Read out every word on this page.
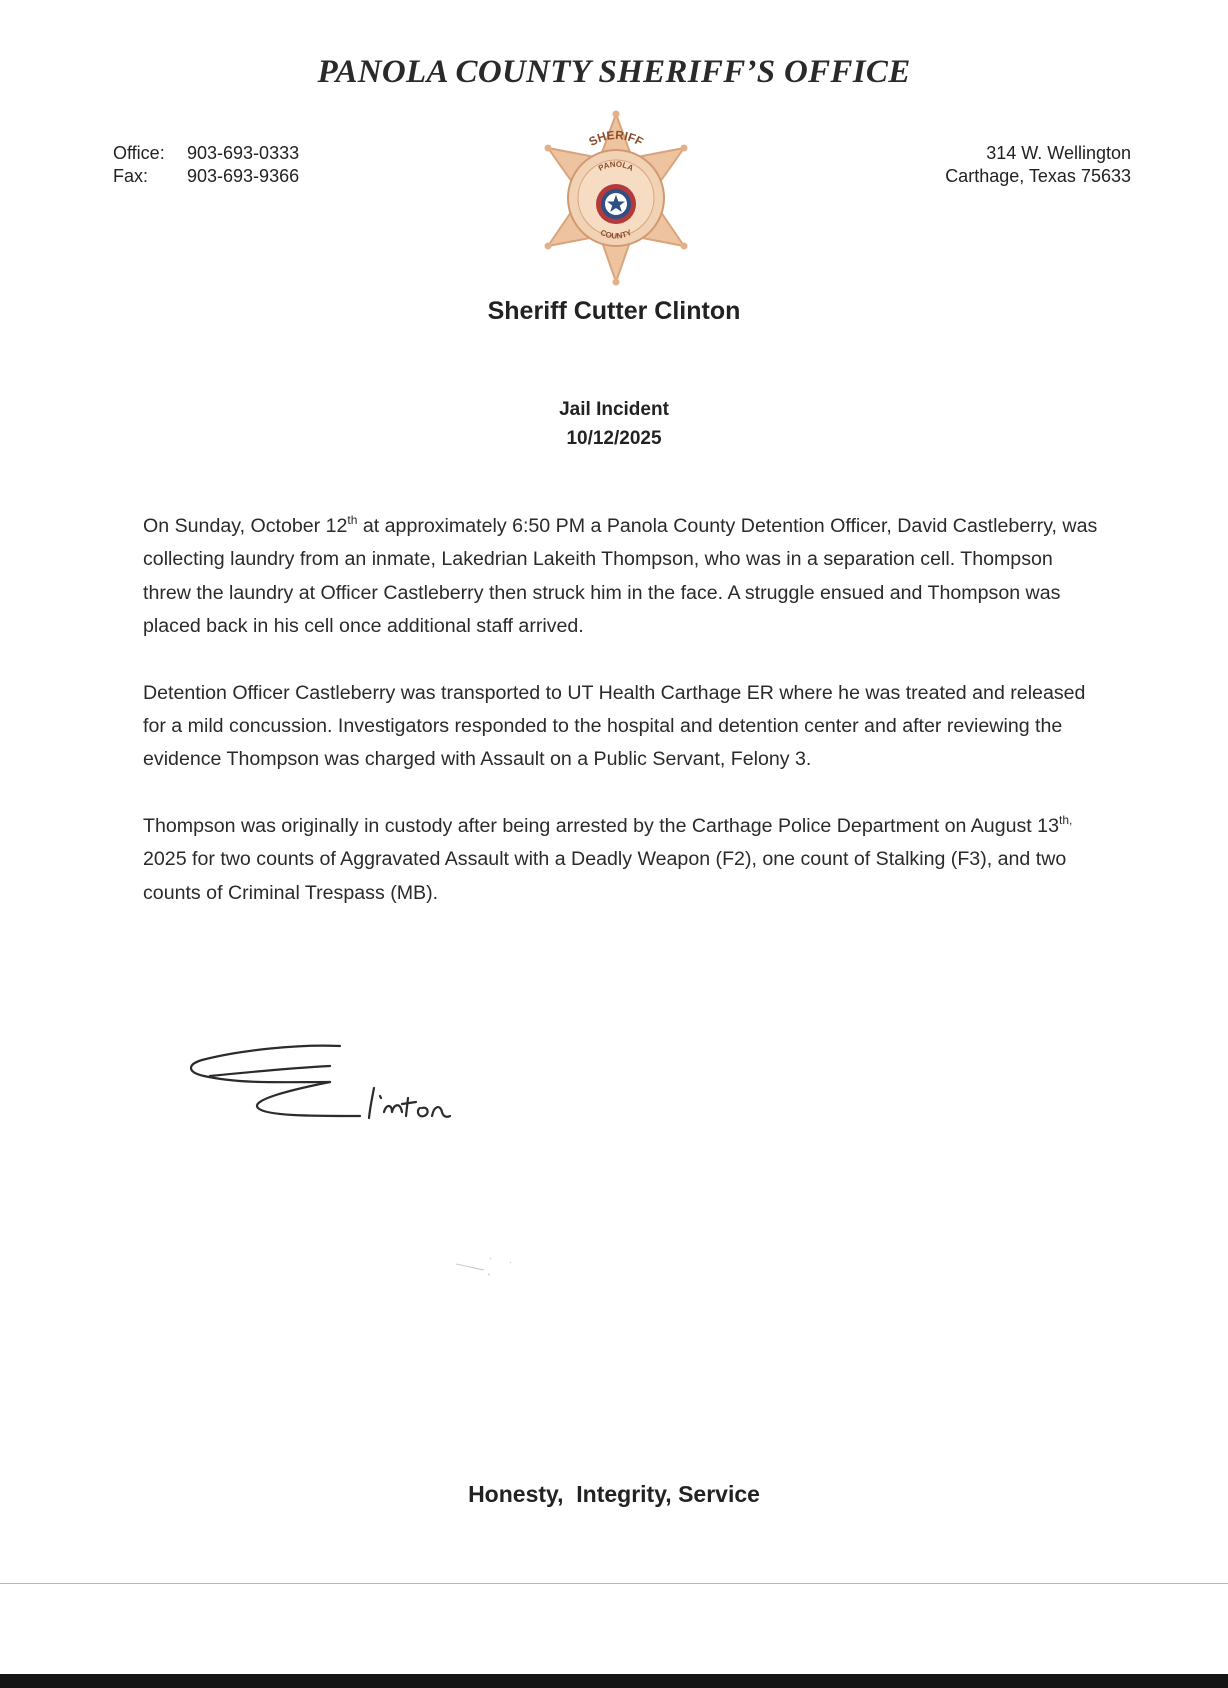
PANOLA COUNTY SHERIFF’S OFFICE
Office:	903-693-0333
Fax:	903-693-9366
314 W. Wellington
Carthage, Texas 75633
SHERIFF
PANOLA
COUNTY
Sheriff Cutter Clinton
Jail Incident
10/12/2025

On Sunday, October 12th at approximately 6:50 PM a Panola County Detention Officer, David Castleberry, was collecting laundry from an inmate, Lakedrian Lakeith Thompson, who was in a separation cell. Thompson threw the laundry at Officer Castleberry then struck him in the face. A struggle ensued and Thompson was placed back in his cell once additional staff arrived.

Detention Officer Castleberry was transported to UT Health Carthage ER where he was treated and released for a mild concussion. Investigators responded to the hospital and detention center and after reviewing the evidence Thompson was charged with Assault on a Public Servant, Felony 3.

Thompson was originally in custody after being arrested by the Carthage Police Department on August $13^{th,}$ 2025 for two counts of Aggravated Assault with a Deadly Weapon (F2), one count of Stalking (F3), and two counts of Criminal Trespass (MB).

Honesty,  Integrity, Service
